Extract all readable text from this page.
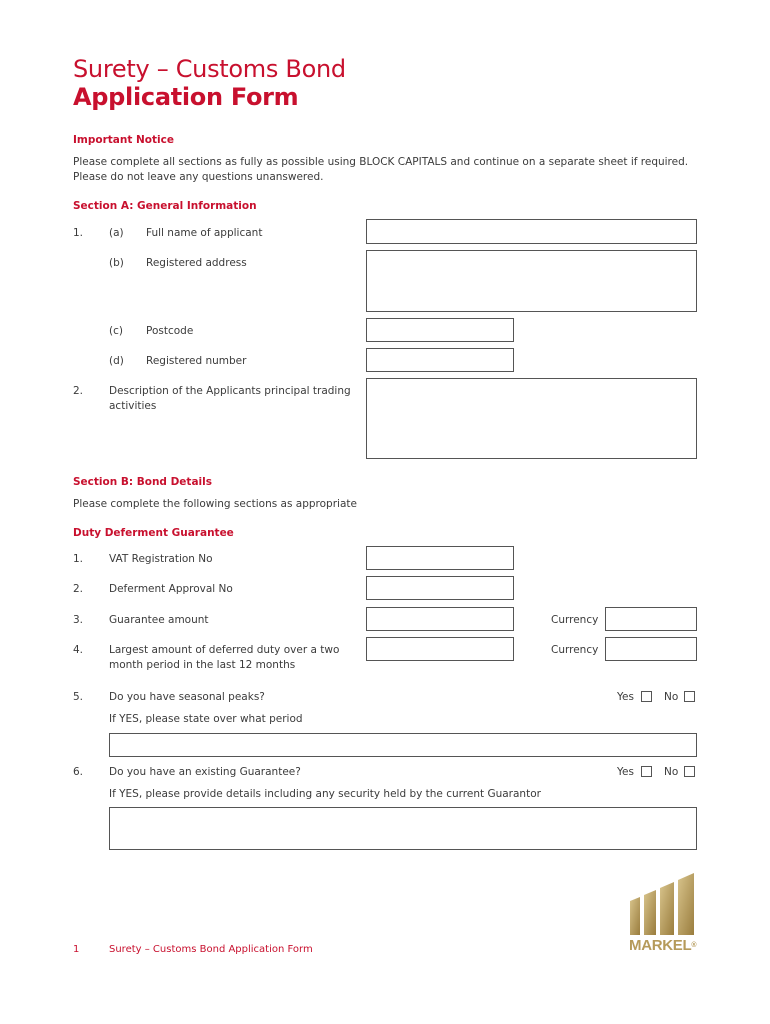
Surety – Customs Bond
Application Form
Important Notice
Please complete all sections as fully as possible using BLOCK CAPITALS and continue on a separate sheet if required.
Please do not leave any questions unanswered.
Section A: General Information
1. (a) Full name of applicant
(b) Registered address
(c) Postcode
(d) Registered number
2. Description of the Applicants principal trading activities
Section B: Bond Details
Please complete the following sections as appropriate
Duty Deferment Guarantee
1. VAT Registration No
2. Deferment Approval No
3. Guarantee amount	Currency
4. Largest amount of deferred duty over a two month period in the last 12 months
Currency
5. Do you have seasonal peaks?	Yes	No
If YES, please state over what period
6. Do you have an existing Guarantee?	Yes	No
If YES, please provide details including any security held by the current Guarantor
1	Surety – Customs Bond Application Form	MARKEL®
